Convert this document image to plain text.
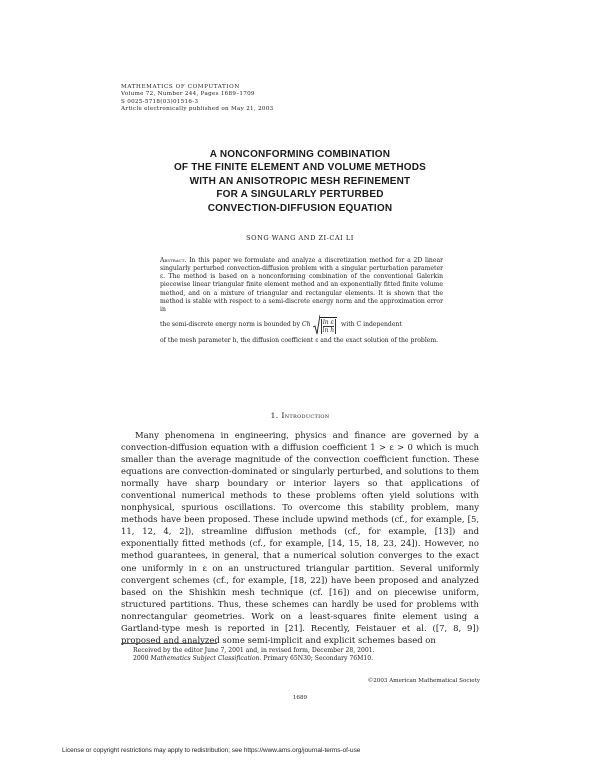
MATHEMATICS OF COMPUTATION
Volume 72, Number 244, Pages 1689–1709
S 0025-5718(03)01516-3
Article electronically published on May 21, 2003
A NONCONFORMING COMBINATION
OF THE FINITE ELEMENT AND VOLUME METHODS
WITH AN ANISOTROPIC MESH REFINEMENT
FOR A SINGULARLY PERTURBED
CONVECTION-DIFFUSION EQUATION
SONG WANG AND ZI-CAI LI
Abstract. In this paper we formulate and analyze a discretization method for a 2D linear singularly perturbed convection-diffusion problem with a singular perturbation parameter ε. The method is based on a nonconforming combination of the conventional Galerkin piecewise linear triangular finite element method and an exponentially fitted finite volume method, and on a mixture of triangular and rectangular elements. It is shown that the method is stable with respect to a semi-discrete energy norm and the approximation error in
the semi-discrete energy norm is bounded by
Ch $\frac{\text{ln ε}}{\text{ln h}}$
with C independent
of the mesh parameter h, the diffusion coefficient ε and the exact solution of the problem.
1. Introduction

Many phenomena in engineering, physics and finance are governed by a convection-diffusion equation with a diffusion coefficient 1 > ε > 0 which is much smaller than the average magnitude of the convection coefficient function. These equations are convection-dominated or singularly perturbed, and solutions to them normally have sharp boundary or interior layers so that applications of conventional numerical methods to these problems often yield solutions with nonphysical, spurious oscillations. To overcome this stability problem, many methods have been proposed. These include upwind methods (cf., for example, [5, 11, 12, 4, 2]), streamline diffusion methods (cf., for example, [13]) and exponentially fitted methods (cf., for example, [14, 15, 18, 23, 24]). However, no method guarantees, in general, that a numerical solution converges to the exact one uniformly in ε on an unstructured triangular partition. Several uniformly convergent schemes (cf., for example, [18, 22]) have been proposed and analyzed based on the Shishkin mesh technique (cf. [16]) and on piecewise uniform, structured partitions. Thus, these schemes can hardly be used for problems with nonrectangular geometries. Work on a least-squares finite element using a Gartland-type mesh is reported in [21]. Recently, Feistauer et al. ([7, 8, 9]) proposed and analyzed some semi-implicit and explicit schemes based on

Received by the editor June 7, 2001 and, in revised form, December 28, 2001.
2000 Mathematics Subject Classification. Primary 65N30; Secondary 76M10.
©2003 American Mathematical Society
1689
License or copyright restrictions may apply to redistribution; see https://www.ams.org/journal-terms-of-use
